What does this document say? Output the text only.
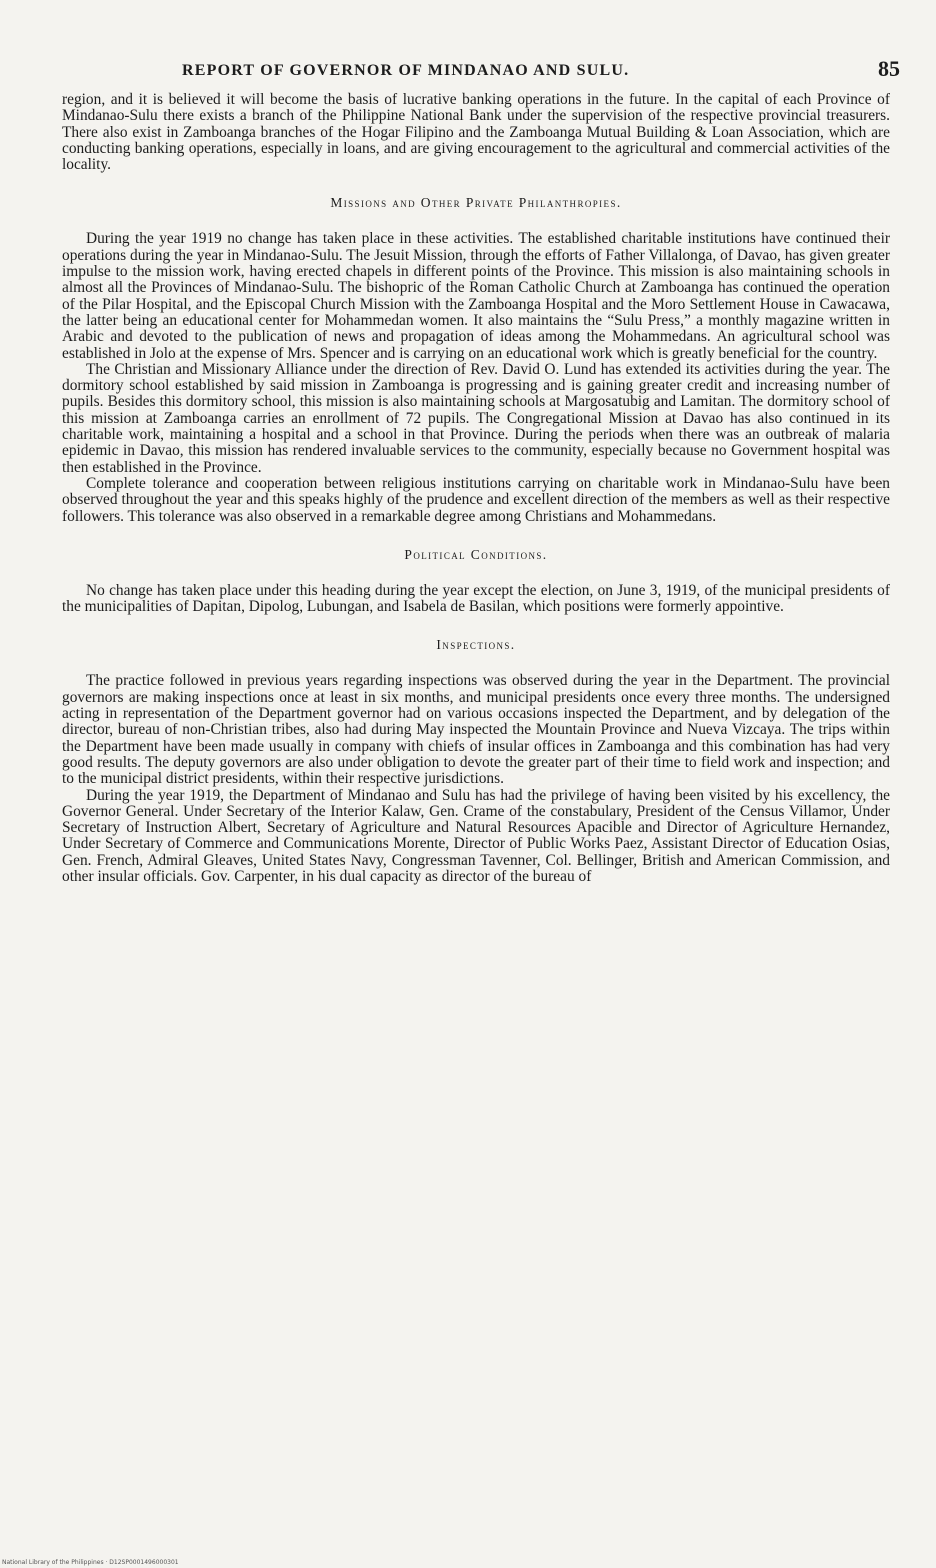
REPORT OF GOVERNOR OF MINDANAO AND SULU.	85

region, and it is believed it will become the basis of lucrative banking operations in the future. In the capital of each Province of Mindanao-Sulu there exists a branch of the Philippine National Bank under the supervision of the respective provincial treasurers. There also exist in Zamboanga branches of the Hogar Filipino and the Zamboanga Mutual Building & Loan Association, which are conducting banking operations, especially in loans, and are giving encouragement to the agricultural and commercial activities of the locality.

Missions and Other Private Philanthropies.

During the year 1919 no change has taken place in these activities. The established charitable institutions have continued their operations during the year in Mindanao-Sulu. The Jesuit Mission, through the efforts of Father Villalonga, of Davao, has given greater impulse to the mission work, having erected chapels in different points of the Province. This mission is also maintaining schools in almost all the Provinces of Mindanao-Sulu. The bishopric of the Roman Catholic Church at Zamboanga has continued the operation of the Pilar Hospital, and the Episcopal Church Mission with the Zamboanga Hospital and the Moro Settlement House in Cawacawa, the latter being an educational center for Mohammedan women. It also maintains the “Sulu Press,” a monthly magazine written in Arabic and devoted to the publication of news and propagation of ideas among the Mohammedans. An agricultural school was established in Jolo at the expense of Mrs. Spencer and is carrying on an educational work which is greatly beneficial for the country.

The Christian and Missionary Alliance under the direction of Rev. David O. Lund has extended its activities during the year. The dormitory school established by said mission in Zamboanga is progressing and is gaining greater credit and increasing number of pupils. Besides this dormitory school, this mission is also maintaining schools at Margosatubig and Lamitan. The dormitory school of this mission at Zamboanga carries an enrollment of 72 pupils. The Congregational Mission at Davao has also continued in its charitable work, maintaining a hospital and a school in that Province. During the periods when there was an outbreak of malaria epidemic in Davao, this mission has rendered invaluable services to the community, especially because no Government hospital was then established in the Province.

Complete tolerance and cooperation between religious institutions carrying on charitable work in Mindanao-Sulu have been observed throughout the year and this speaks highly of the prudence and excellent direction of the members as well as their respective followers. This tolerance was also observed in a remarkable degree among Christians and Mohammedans.

Political Conditions.

No change has taken place under this heading during the year except the election, on June 3, 1919, of the municipal presidents of the municipalities of Dapitan, Dipolog, Lubungan, and Isabela de Basilan, which positions were formerly appointive.

Inspections.

The practice followed in previous years regarding inspections was observed during the year in the Department. The provincial governors are making inspections once at least in six months, and municipal presidents once every three months. The undersigned acting in representation of the Department governor had on various occasions inspected the Department, and by delegation of the director, bureau of non-Christian tribes, also had during May inspected the Mountain Province and Nueva Vizcaya. The trips within the Department have been made usually in company with chiefs of insular offices in Zamboanga and this combination has had very good results. The deputy governors are also under obligation to devote the greater part of their time to field work and inspection; and to the municipal district presidents, within their respective jurisdictions.

During the year 1919, the Department of Mindanao and Sulu has had the privilege of having been visited by his excellency, the Governor General. Under Secretary of the Interior Kalaw, Gen. Crame of the constabulary, President of the Census Villamor, Under Secretary of Instruction Albert, Secretary of Agriculture and Natural Resources Apacible and Director of Agriculture Hernandez, Under Secretary of Commerce and Communications Morente, Director of Public Works Paez, Assistant Director of Education Osias, Gen. French, Admiral Gleaves, United States Navy, Congressman Tavenner, Col. Bellinger, British and American Commission, and other insular officials. Gov. Carpenter, in his dual capacity as director of the bureau of

National Library of the Philippines · D12SP0001496000301
